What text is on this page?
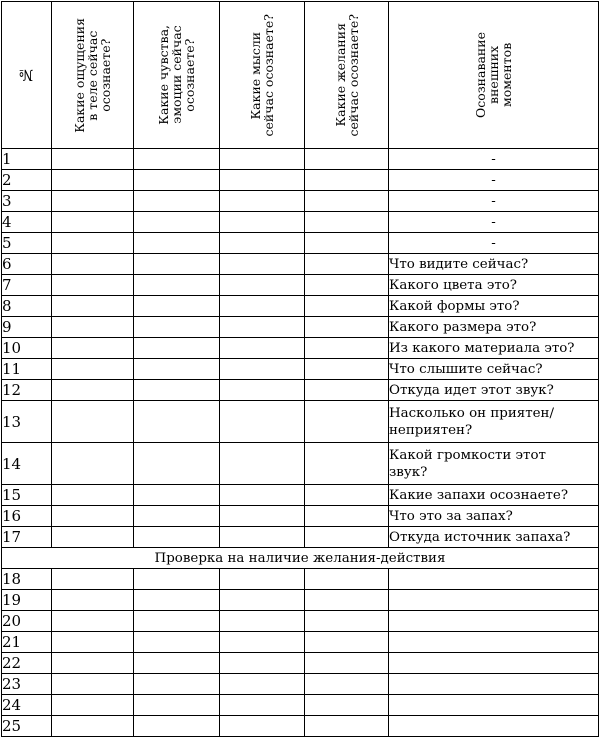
№	Какие ощущения
в теле сейчас
осознаете?	Какие чувства,
эмоции сейчас
осознаете?	Какие мысли
сейчас осознаете?	Какие желания
сейчас осознаете?	Осознавание
внешних
моментов

1					-
2					-
3					-
4					-
5					-
6					Что видите сейчас?
7					Какого цвета это?
8					Какой формы это?
9					Какого размера это?
10					Из какого материала это?
11					Что слышите сейчас?
12					Откуда идет этот звук?
13					Насколько он приятен/
неприятен?
14					Какой громкости этот
звук?
15					Какие запахи осознаете?
16					Что это за запах?
17					Откуда источник запаха?
Проверка на наличие желания-действия					
18					
19					
20					
21					
22					
23					
24					
25					
